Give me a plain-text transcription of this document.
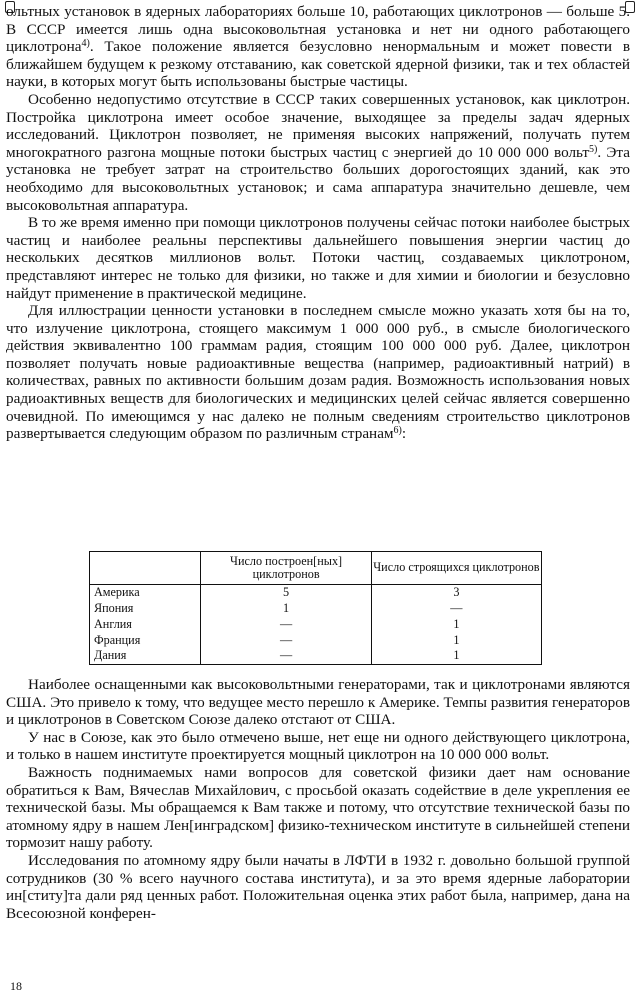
ольтных установок в ядерных лабораториях больше 10, работающих циклотронов — больше 5. В СССР имеется лишь одна высоковольтная установка и нет ни одного работающего циклотрона$^{4)}$. Такое положение является безусловно ненормальным и может повести в ближайшем будущем к резкому отставанию, как советской ядерной физики, так и тех областей науки, в которых могут быть использованы быстрые частицы.

Особенно недопустимо отсутствие в СССР таких совершенных установок, как циклотрон. Постройка циклотрона имеет особое значение, выходящее за пределы задач ядерных исследований. Циклотрон позволяет, не применяя высоких напряжений, получать путем многократного разгона мощные потоки быстрых частиц с энергией до 10 000 000 вольт$^{5)}$. Эта установка не требует затрат на строительство больших дорогостоящих зданий, как это необходимо для высоковольтных установок; и сама аппаратура значительно дешевле, чем высоковольтная аппаратура.

В то же время именно при помощи циклотронов получены сейчас потоки наиболее быстрых частиц и наиболее реальны перспективы дальнейшего повышения энергии частиц до нескольких десятков миллионов вольт. Потоки частиц, создаваемых циклотроном, представляют интерес не только для физики, но также и для химии и биологии и безусловно найдут применение в практической медицине.

Для иллюстрации ценности установки в последнем смысле можно указать хотя бы на то, что излучение циклотрона, стоящего максимум 1 000 000 руб., в смысле биологического действия эквивалентно 100 граммам радия, стоящим 100 000 000 руб. Далее, циклотрон позволяет получать новые радиоактивные вещества (например, радиоактивный натрий) в количествах, равных по активности большим дозам радия. Возможность использования новых радиоактивных веществ для биологических и медицинских целей сейчас является совершенно очевидной. По имеющимся у нас далеко не полным сведениям строительство циклотронов развертывается следующим образом по различным странам$^{6)}$:

	Число построен[ных] циклотронов	Число строящихся циклотронов
Америка	5	3
Япония	1	—
Англия	—	1
Франция	—	1
Дания	—	1

Наиболее оснащенными как высоковольтными генераторами, так и циклотронами являются США. Это привело к тому, что ведущее место перешло к Америке. Темпы развития генераторов и циклотронов в Советском Союзе далеко отстают от США.

У нас в Союзе, как это было отмечено выше, нет еще ни одного действующего циклотрона, и только в нашем институте проектируется мощный циклотрон на 10 000 000 вольт.

Важность поднимаемых нами вопросов для советской физики дает нам основание обратиться к Вам, Вячеслав Михайлович, с просьбой оказать содействие в деле укрепления ее технической базы. Мы обращаемся к Вам также и потому, что отсутствие технической базы по атомному ядру в нашем Лен[инградском] физико-техническом институте в сильнейшей степени тормозит нашу работу.

Исследования по атомному ядру были начаты в ЛФТИ в 1932 г. довольно большой группой сотрудников (30 % всего научного состава института), и за это время ядерные лаборатории ин[ститу]та дали ряд ценных работ. Положительная оценка этих работ была, например, дана на Всесоюзной конферен-

18
